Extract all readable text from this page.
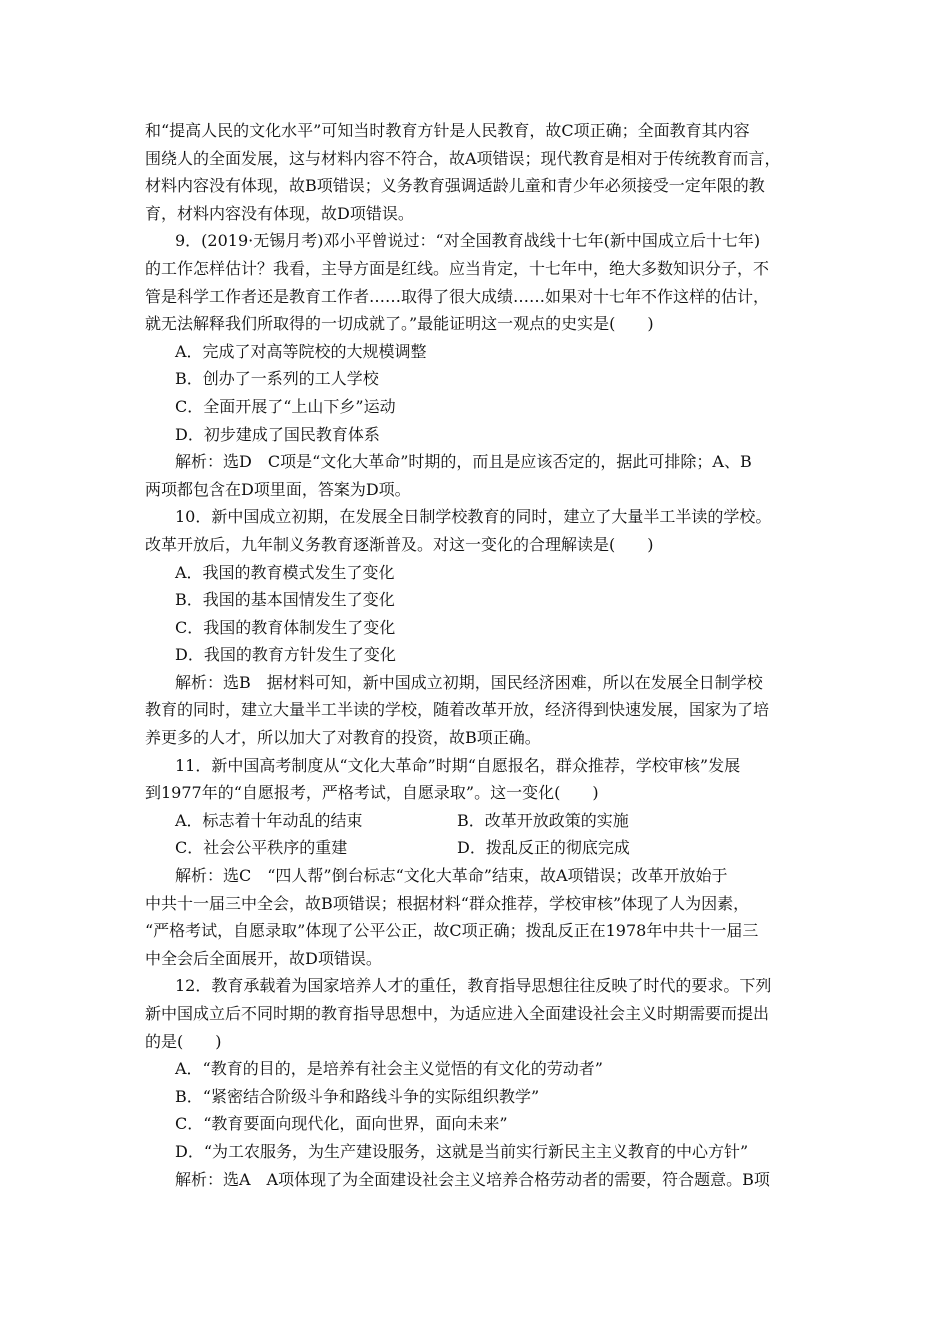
和“提高人民的文化水平”可知当时教育方针是人民教育，故C项正确；全面教育其内容
围绕人的全面发展，这与材料内容不符合，故A项错误；现代教育是相对于传统教育而言，
材料内容没有体现，故B项错误；义务教育强调适龄儿童和青少年必须接受一定年限的教
育，材料内容没有体现，故D项错误。
9．(2019·无锡月考)邓小平曾说过：“对全国教育战线十七年(新中国成立后十七年)
的工作怎样估计？我看，主导方面是红线。应当肯定，十七年中，绝大多数知识分子，不
管是科学工作者还是教育工作者……取得了很大成绩……如果对十七年不作这样的估计，
就无法解释我们所取得的一切成就了。”最能证明这一观点的史实是(　　)
A．完成了对高等院校的大规模调整
B．创办了一系列的工人学校
C．全面开展了“上山下乡”运动
D．初步建成了国民教育体系
解析：选D　C项是“文化大革命”时期的，而且是应该否定的，据此可排除；A、B
两项都包含在D项里面，答案为D项。
10．新中国成立初期，在发展全日制学校教育的同时，建立了大量半工半读的学校。
改革开放后，九年制义务教育逐渐普及。对这一变化的合理解读是(　　)
A．我国的教育模式发生了变化
B．我国的基本国情发生了变化
C．我国的教育体制发生了变化
D．我国的教育方针发生了变化
解析：选B　据材料可知，新中国成立初期，国民经济困难，所以在发展全日制学校
教育的同时，建立大量半工半读的学校，随着改革开放，经济得到快速发展，国家为了培
养更多的人才，所以加大了对教育的投资，故B项正确。
11．新中国高考制度从“文化大革命”时期“自愿报名，群众推荐，学校审核”发展
到1977年的“自愿报考，严格考试，自愿录取”。这一变化(　　)
A．标志着十年动乱的结束	B．改革开放政策的实施
C．社会公平秩序的重建	D．拨乱反正的彻底完成
解析：选C　“四人帮”倒台标志“文化大革命”结束，故A项错误；改革开放始于
中共十一届三中全会，故B项错误；根据材料“群众推荐，学校审核”体现了人为因素，
“严格考试，自愿录取”体现了公平公正，故C项正确；拨乱反正在1978年中共十一届三
中全会后全面展开，故D项错误。
12．教育承载着为国家培养人才的重任，教育指导思想往往反映了时代的要求。下列
新中国成立后不同时期的教育指导思想中，为适应进入全面建设社会主义时期需要而提出
的是(　　)
A．“教育的目的，是培养有社会主义觉悟的有文化的劳动者”
B．“紧密结合阶级斗争和路线斗争的实际组织教学”
C．“教育要面向现代化，面向世界，面向未来”
D．“为工农服务，为生产建设服务，这就是当前实行新民主主义教育的中心方针”
解析：选A　A项体现了为全面建设社会主义培养合格劳动者的需要，符合题意。B项
